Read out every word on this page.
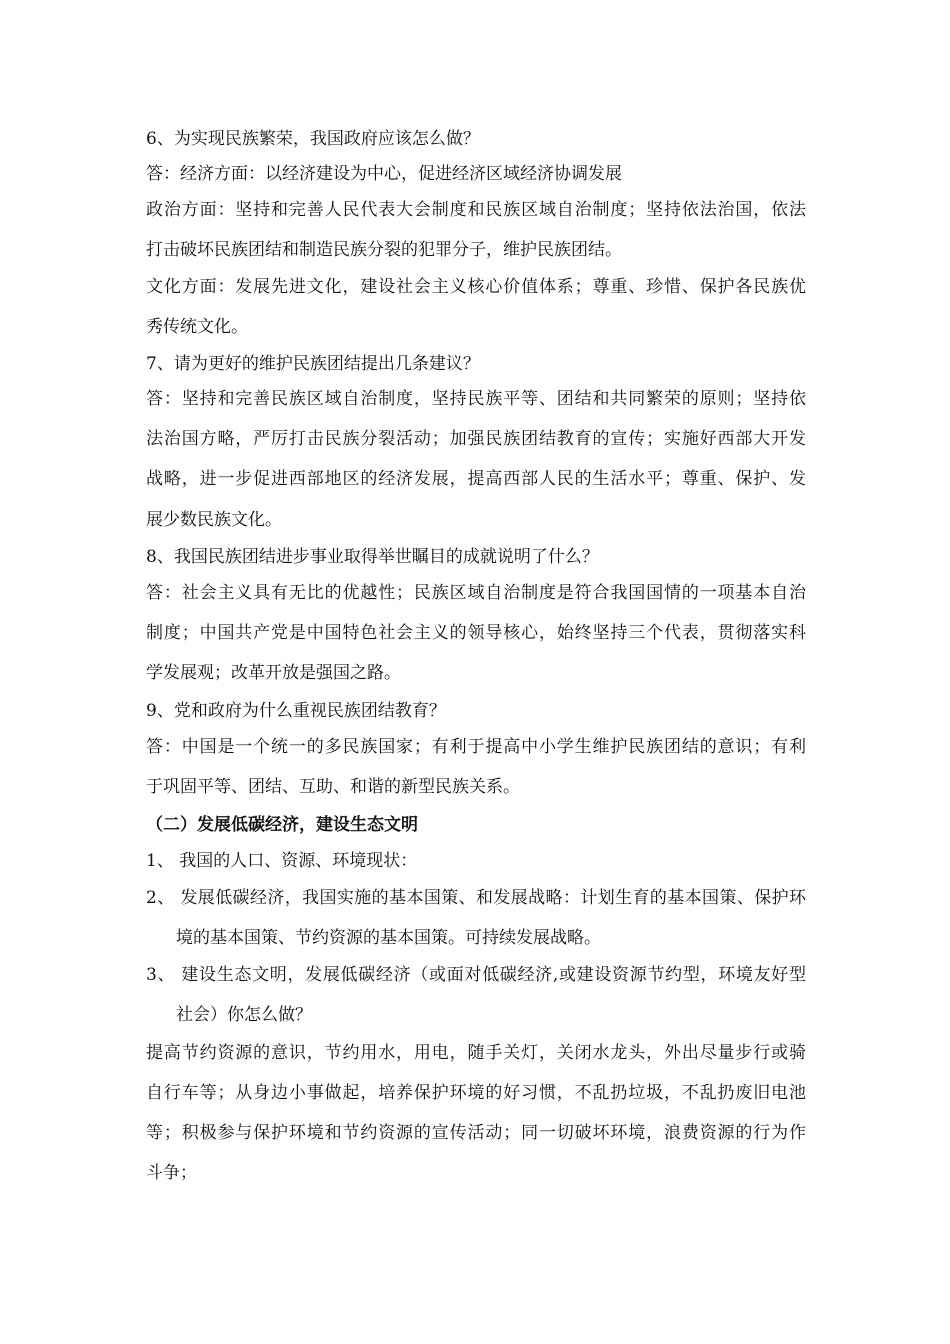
6、为实现民族繁荣，我国政府应该怎么做？
答：经济方面：以经济建设为中心，促进经济区域经济协调发展
政治方面：坚持和完善人民代表大会制度和民族区域自治制度；坚持依法治国，依法
打击破坏民族团结和制造民族分裂的犯罪分子，维护民族团结。
文化方面：发展先进文化，建设社会主义核心价值体系；尊重、珍惜、保护各民族优
秀传统文化。
7、请为更好的维护民族团结提出几条建议？
答：坚持和完善民族区域自治制度，坚持民族平等、团结和共同繁荣的原则；坚持依
法治国方略，严厉打击民族分裂活动；加强民族团结教育的宣传；实施好西部大开发
战略，进一步促进西部地区的经济发展，提高西部人民的生活水平；尊重、保护、发
展少数民族文化。
8、我国民族团结进步事业取得举世瞩目的成就说明了什么？
答：社会主义具有无比的优越性；民族区域自治制度是符合我国国情的一项基本自治
制度；中国共产党是中国特色社会主义的领导核心，始终坚持三个代表，贯彻落实科
学发展观；改革开放是强国之路。
9、党和政府为什么重视民族团结教育？
答：中国是一个统一的多民族国家；有利于提高中小学生维护民族团结的意识；有利
于巩固平等、团结、互助、和谐的新型民族关系。
（二）发展低碳经济，建设生态文明
1、 我国的人口、资源、环境现状：
2、 发展低碳经济，我国实施的基本国策、和发展战略：计划生育的基本国策、保护环
境的基本国策、节约资源的基本国策。可持续发展战略。
3、 建设生态文明，发展低碳经济（或面对低碳经济,或建设资源节约型，环境友好型
社会）你怎么做？
提高节约资源的意识，节约用水，用电，随手关灯，关闭水龙头，外出尽量步行或骑
自行车等；从身边小事做起，培养保护环境的好习惯，不乱扔垃圾，不乱扔废旧电池
等；积极参与保护环境和节约资源的宣传活动；同一切破坏环境，浪费资源的行为作
斗争；
